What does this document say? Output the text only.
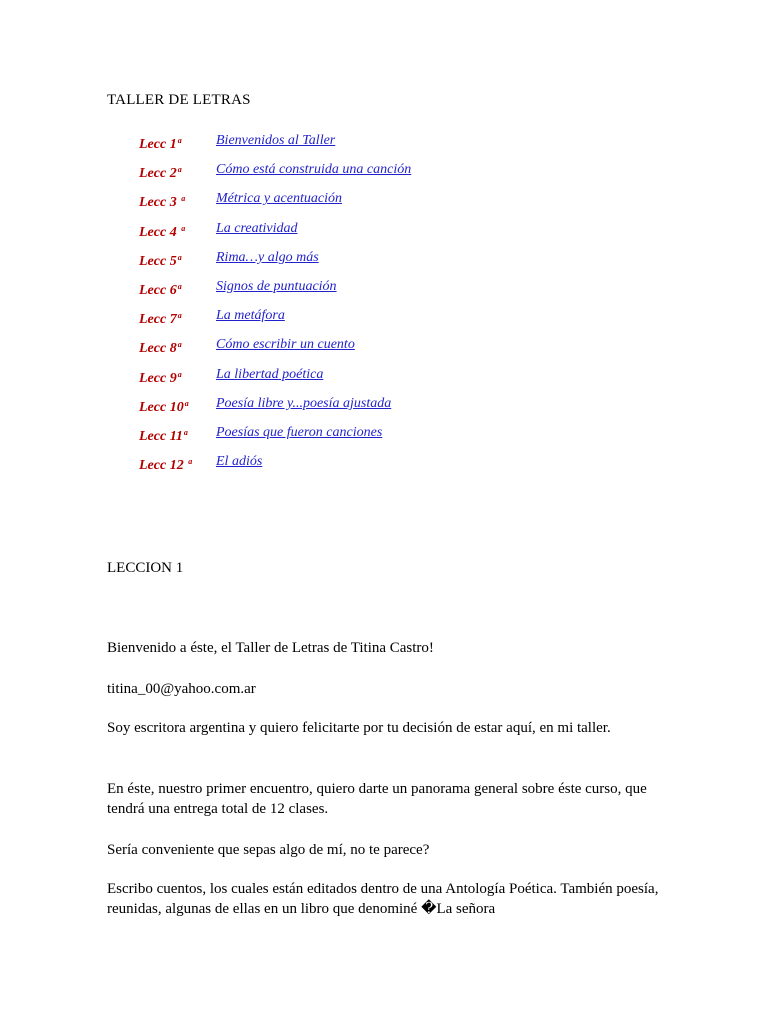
TALLER DE LETRAS
Lecc 1$^a$	Bienvenidos al Taller
Lecc 2$^a$	Cómo está construida una canción
Lecc 3 $^a$	Métrica y acentuación
Lecc 4 $^a$	La creatividad
Lecc 5$^a$	Rima…y algo más
Lecc 6$^a$	Signos de puntuación
Lecc 7$^a$	La metáfora
Lecc 8$^a$	Cómo escribir un cuento
Lecc 9$^a$	La libertad poética
Lecc 10$^a$	Poesía libre y...poesía ajustada
Lecc 11$^a$	Poesías que fueron canciones
Lecc 12 $^a$	El adiós
LECCION 1

Bienvenido a éste, el Taller de Letras de Titina Castro!

titina_00@yahoo.com.ar

Soy escritora argentina y quiero felicitarte por tu decisión de estar aquí, en mi taller.

En éste, nuestro primer encuentro, quiero darte un panorama general sobre éste curso, que tendrá una entrega total de 12 clases.

Sería conveniente que sepas algo de mí, no te parece?

Escribo cuentos, los cuales están editados dentro de una Antología Poética. También poesía, reunidas, algunas de ellas en un libro que denominé �La señora
